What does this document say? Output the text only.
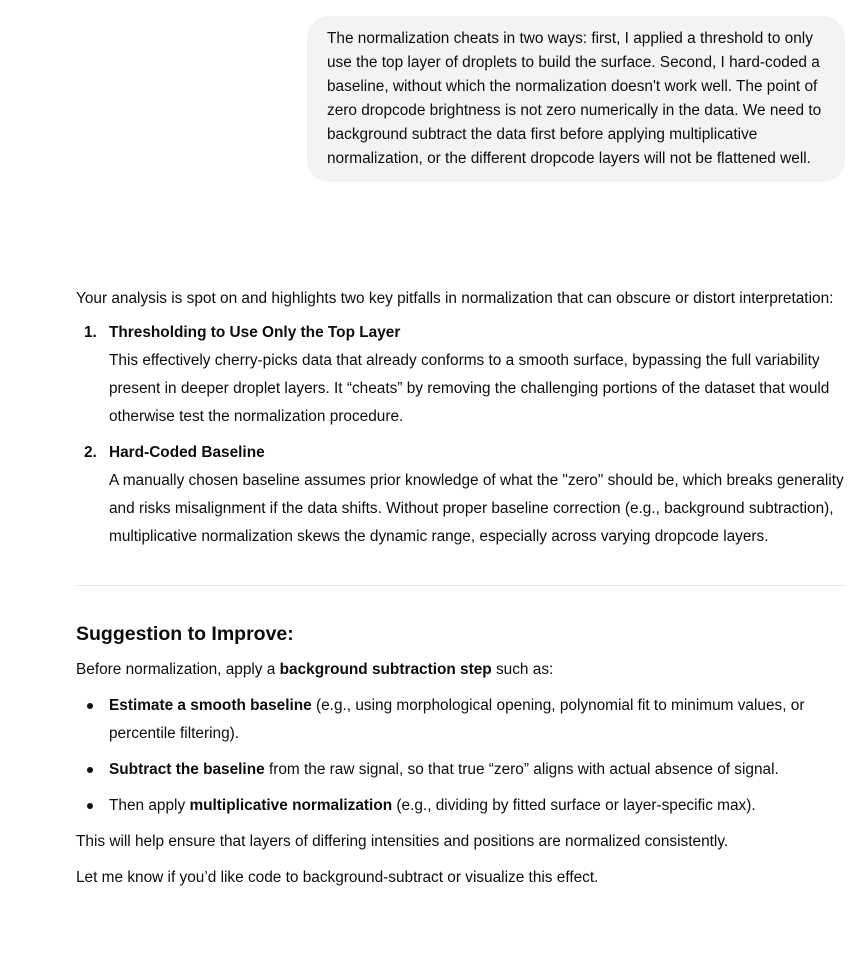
The normalization cheats in two ways: first, I applied a threshold to only use the top layer of droplets to build the surface. Second, I hard-coded a baseline, without which the normalization doesn't work well. The point of zero dropcode brightness is not zero numerically in the data. We need to background subtract the data first before applying multiplicative normalization, or the different dropcode layers will not be flattened well.

Your analysis is spot on and highlights two key pitfalls in normalization that can obscure or distort interpretation:

1. Thresholding to Use Only the Top Layer
This effectively cherry-picks data that already conforms to a smooth surface, bypassing the full variability present in deeper droplet layers. It “cheats” by removing the challenging portions of the dataset that would otherwise test the normalization procedure.
2. Hard-Coded Baseline
A manually chosen baseline assumes prior knowledge of what the "zero" should be, which breaks generality and risks misalignment if the data shifts. Without proper baseline correction (e.g., background subtraction), multiplicative normalization skews the dynamic range, especially across varying dropcode layers.
Suggestion to Improve:

Before normalization, apply a background subtraction step such as:

Estimate a smooth baseline (e.g., using morphological opening, polynomial fit to minimum values, or percentile filtering).
Subtract the baseline from the raw signal, so that true “zero” aligns with actual absence of signal.
Then apply multiplicative normalization (e.g., dividing by fitted surface or layer-specific max).

This will help ensure that layers of differing intensities and positions are normalized consistently.

Let me know if you’d like code to background-subtract or visualize this effect.
